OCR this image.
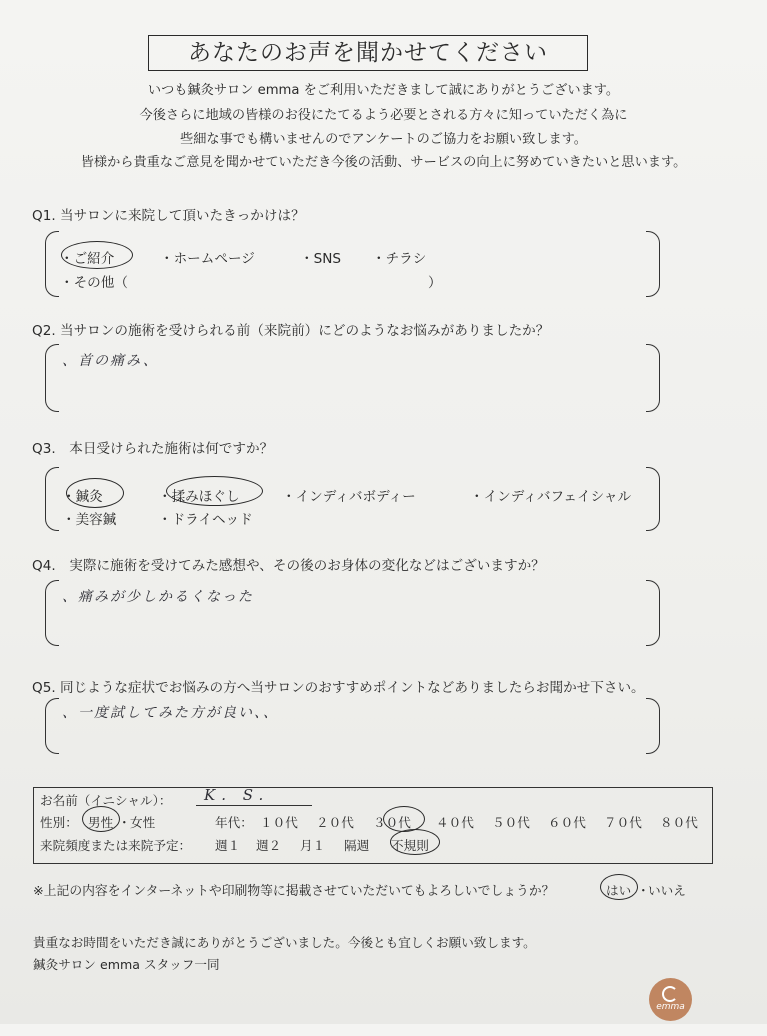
あなたのお声を聞かせてください
いつも鍼灸サロン emma をご利用いただきまして誠にありがとうございます。
今後さらに地域の皆様のお役にたてるよう必要とされる方々に知っていただく為に
些細な事でも構いませんのでアンケートのご協力をお願い致します。
皆様から貴重なご意見を聞かせていただき今後の活動、サービスの向上に努めていきたいと思います。
Q1. 当サロンに来院して頂いたきっかけは？
・ご紹介	・ホームページ	・SNS ・チラシ
・その他（	）
Q2. 当サロンの施術を受けられる前（来院前）にどのようなお悩みがありましたか？
、首の痛み、
Q3.　本日受けられた施術は何ですか？
・鍼灸	・揉みほぐし	・インディバボディー	・インディバフェイシャル
・美容鍼	・ドライヘッド
Q4.　実際に施術を受けてみた感想や、その後のお身体の変化などはございますか？
、痛みが少しかるくなった
Q5. 同じような症状でお悩みの方へ当サロンのおすすめポイントなどありましたらお聞かせ下さい。
、一度試してみた方が良い、、
お名前（イニシャル）： K. S.
性別： 男性 ・ 女性	年代： １０代 ２０代 ３０代 ４０代 ５０代 ６０代 ７０代 ８０代
来院頻度または来院予定： 週１ 週２ 月１ 隔週 不規則
※上記の内容をインターネットや印刷物等に掲載させていただいてもよろしいでしょうか？	はい ・
いいえ
貴重なお時間をいただき誠にありがとうございました。今後とも宜しくお願い致します。
鍼灸サロン emma スタッフ一同
emma
